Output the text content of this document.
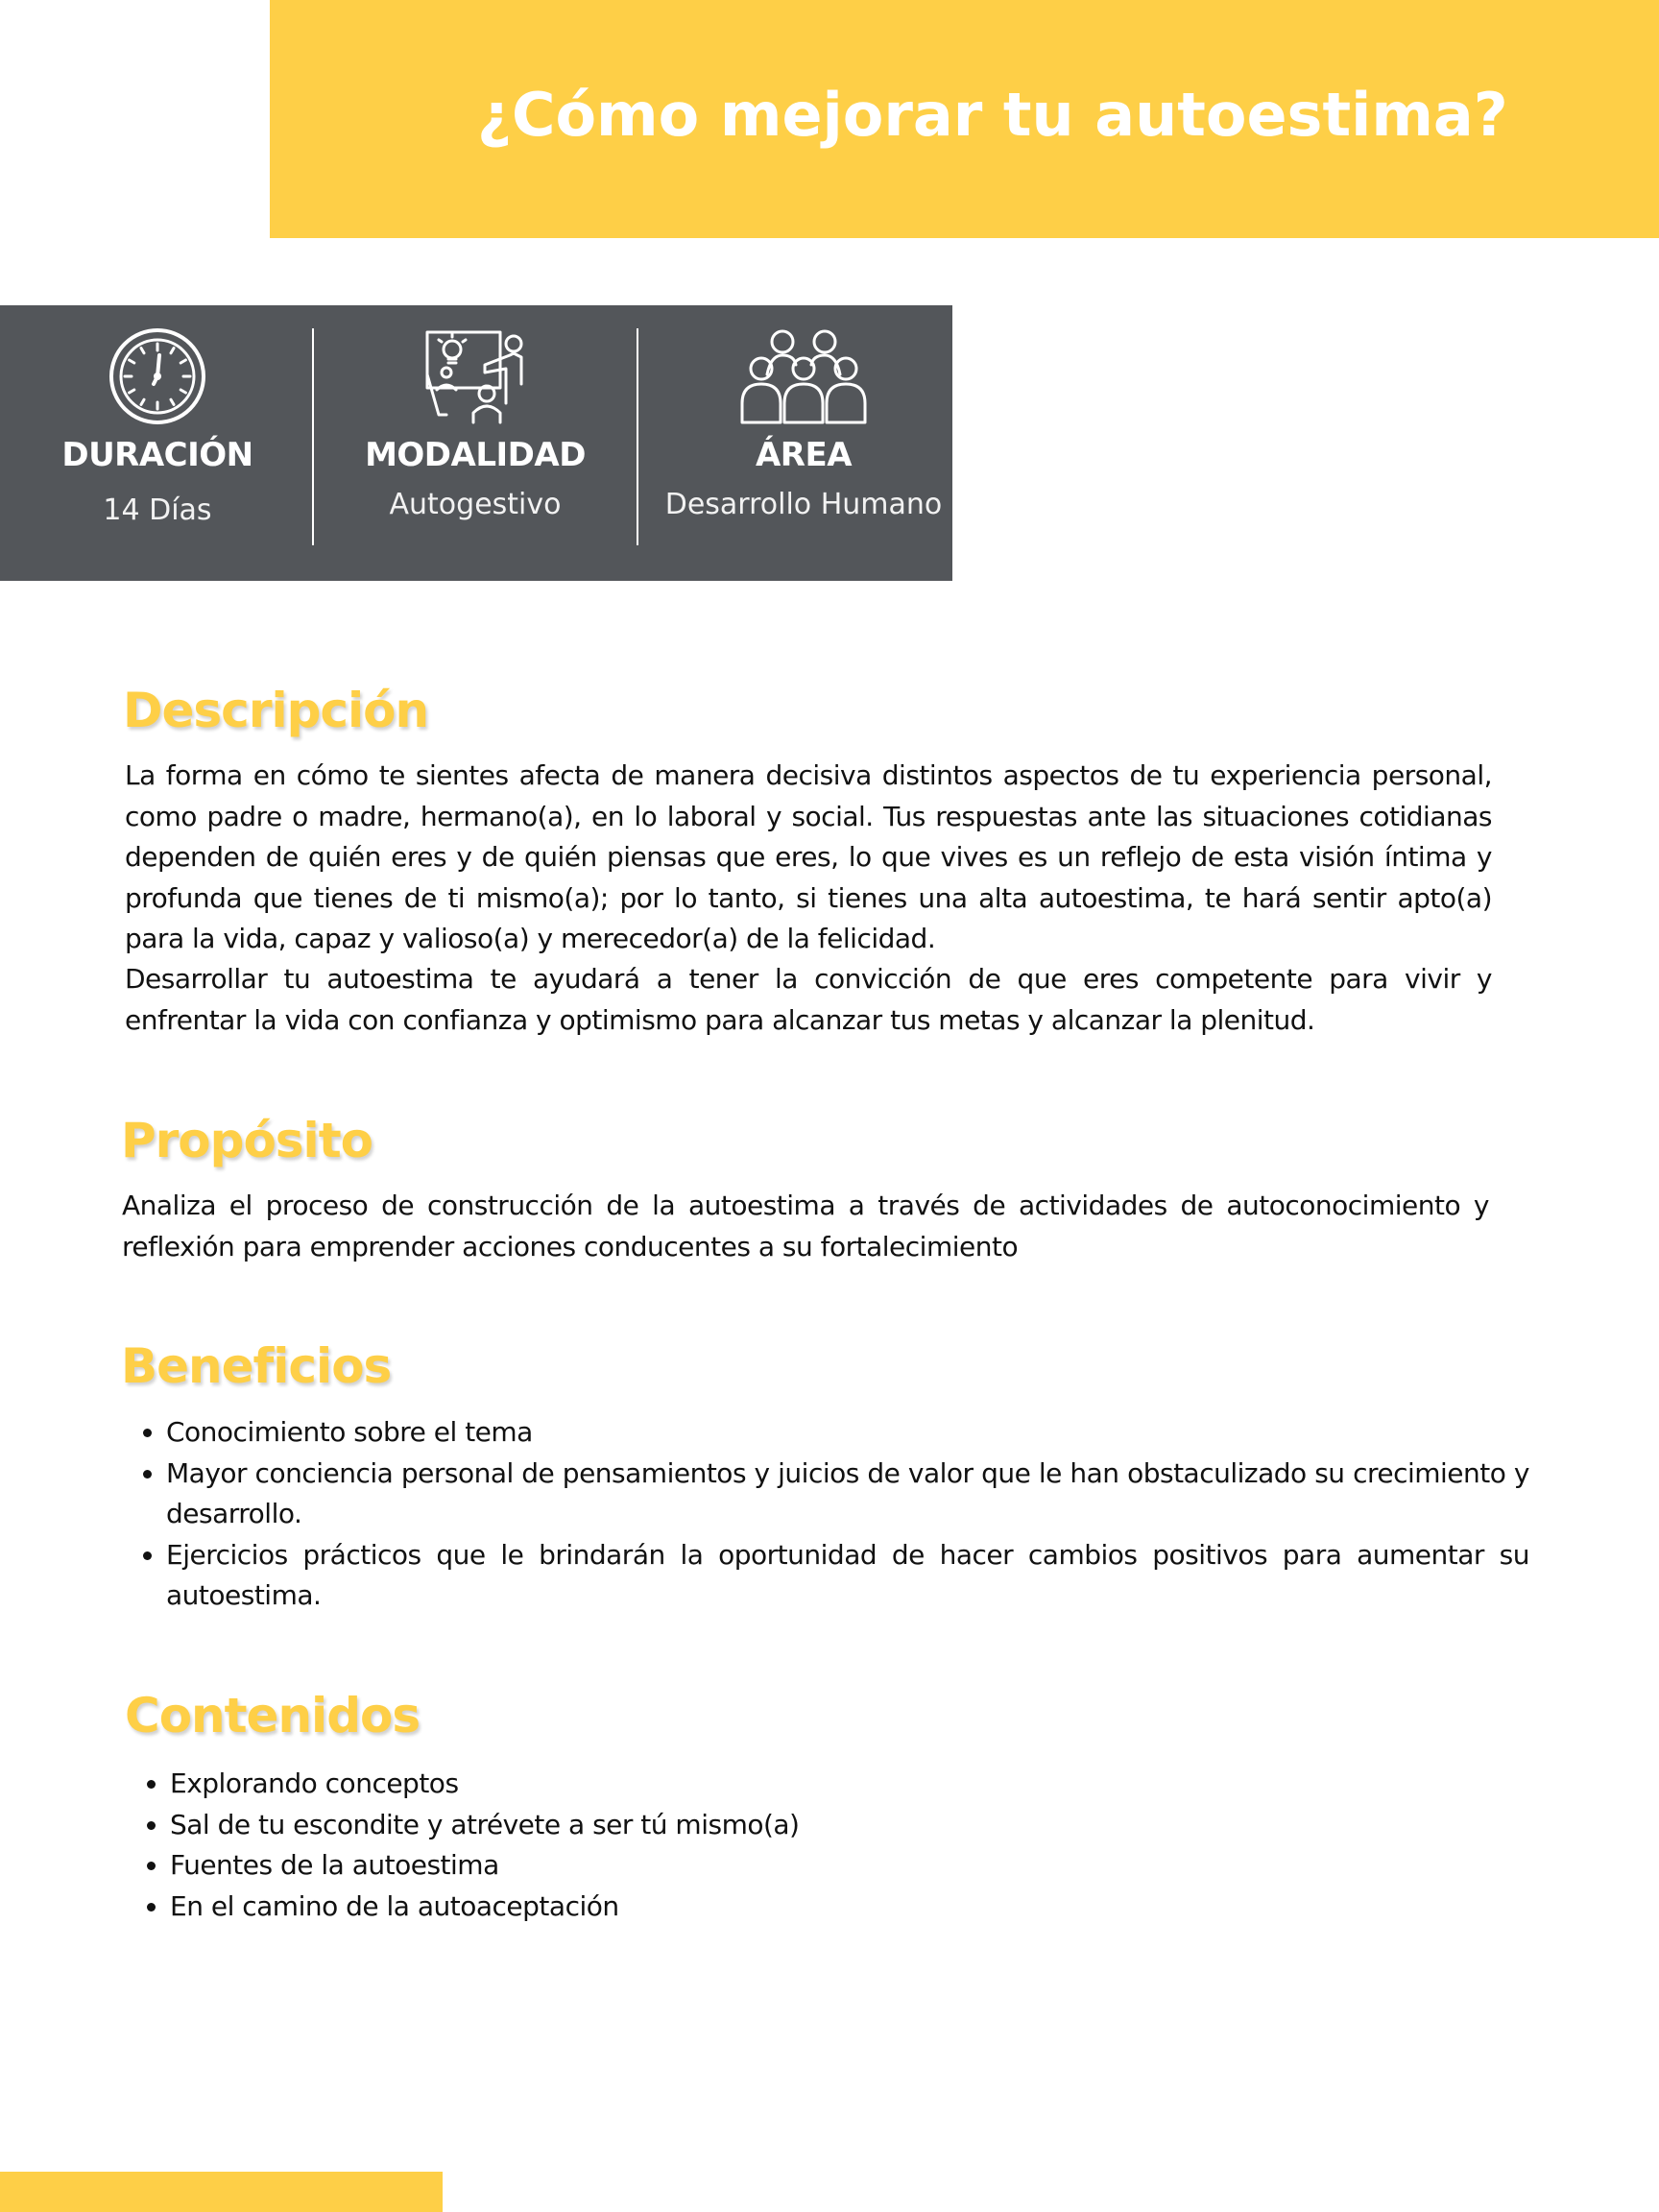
¿Cómo mejorar tu autoestima?
DURACIÓN
14 Días
MODALIDAD
Autogestivo
ÁREA
Desarrollo Humano
Descripción

La forma en cómo te sientes afecta de manera decisiva distintos aspectos de tu experiencia personal, como padre o madre, hermano(a), en lo laboral y social. Tus respuestas ante las situaciones cotidianas dependen de quién eres y de quién piensas que eres, lo que vives es un reflejo de esta visión íntima y profunda que tienes de ti mismo(a); por lo tanto, si tienes una alta autoestima, te hará sentir apto(a) para la vida, capaz y valioso(a) y merecedor(a) de la felicidad.

Desarrollar tu autoestima te ayudará a tener la convicción de que eres competente para vivir y enfrentar la vida con confianza y optimismo para alcanzar tus metas y alcanzar la plenitud.

Propósito

Analiza el proceso de construcción de la autoestima a través de actividades de autoconocimiento y reflexión para emprender acciones conducentes a su fortalecimiento

Beneficios
• Conocimiento sobre el tema
• Mayor conciencia personal de pensamientos y juicios de valor que le han obstaculizado su crecimiento y desarrollo.
• Ejercicios prácticos que le brindarán la oportunidad de hacer cambios positivos para aumentar su autoestima.
Contenidos
• Explorando conceptos
• Sal de tu escondite y atrévete a ser tú mismo(a)
• Fuentes de la autoestima
• En el camino de la autoaceptación
